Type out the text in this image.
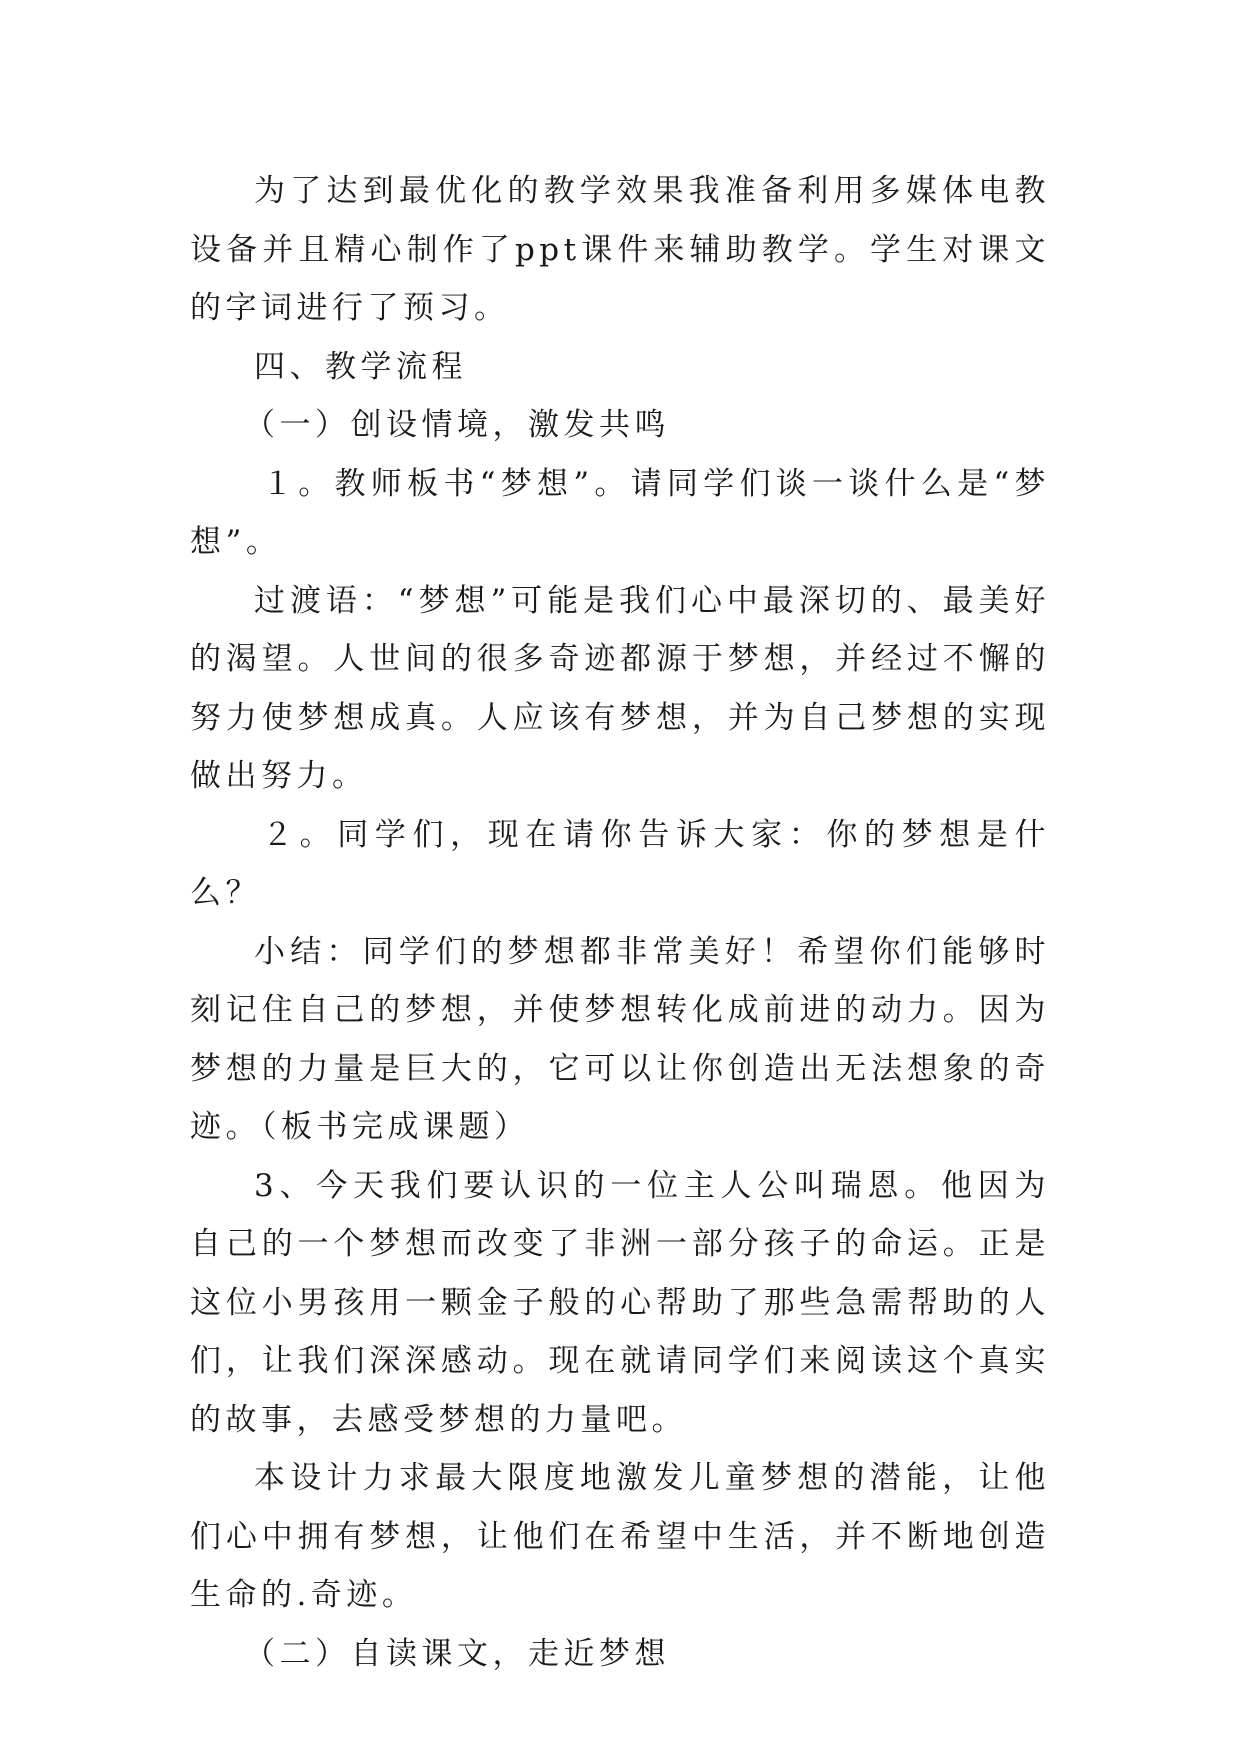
为了达到最优化的教学效果我准备利用多媒体电教设备并且精心制作了ppt课件来辅助教学。学生对课文的字词进行了预习。

四、教学流程

（一）创设情境，激发共鸣

１。教师板书“梦想”。请同学们谈一谈什么是“梦想”。

过渡语：“梦想”可能是我们心中最深切的、最美好的渴望。人世间的很多奇迹都源于梦想，并经过不懈的努力使梦想成真。人应该有梦想，并为自己梦想的实现做出努力。

２。同学们，现在请你告诉大家：你的梦想是什么？

小结：同学们的梦想都非常美好！希望你们能够时刻记住自己的梦想，并使梦想转化成前进的动力。因为梦想的力量是巨大的，它可以让你创造出无法想象的奇迹。（板书完成课题）

3、今天我们要认识的一位主人公叫瑞恩。他因为自己的一个梦想而改变了非洲一部分孩子的命运。正是这位小男孩用一颗金子般的心帮助了那些急需帮助的人们，让我们深深感动。现在就请同学们来阅读这个真实的故事，去感受梦想的力量吧。

本设计力求最大限度地激发儿童梦想的潜能，让他们心中拥有梦想，让他们在希望中生活，并不断地创造生命的.奇迹。

（二）自读课文，走近梦想
